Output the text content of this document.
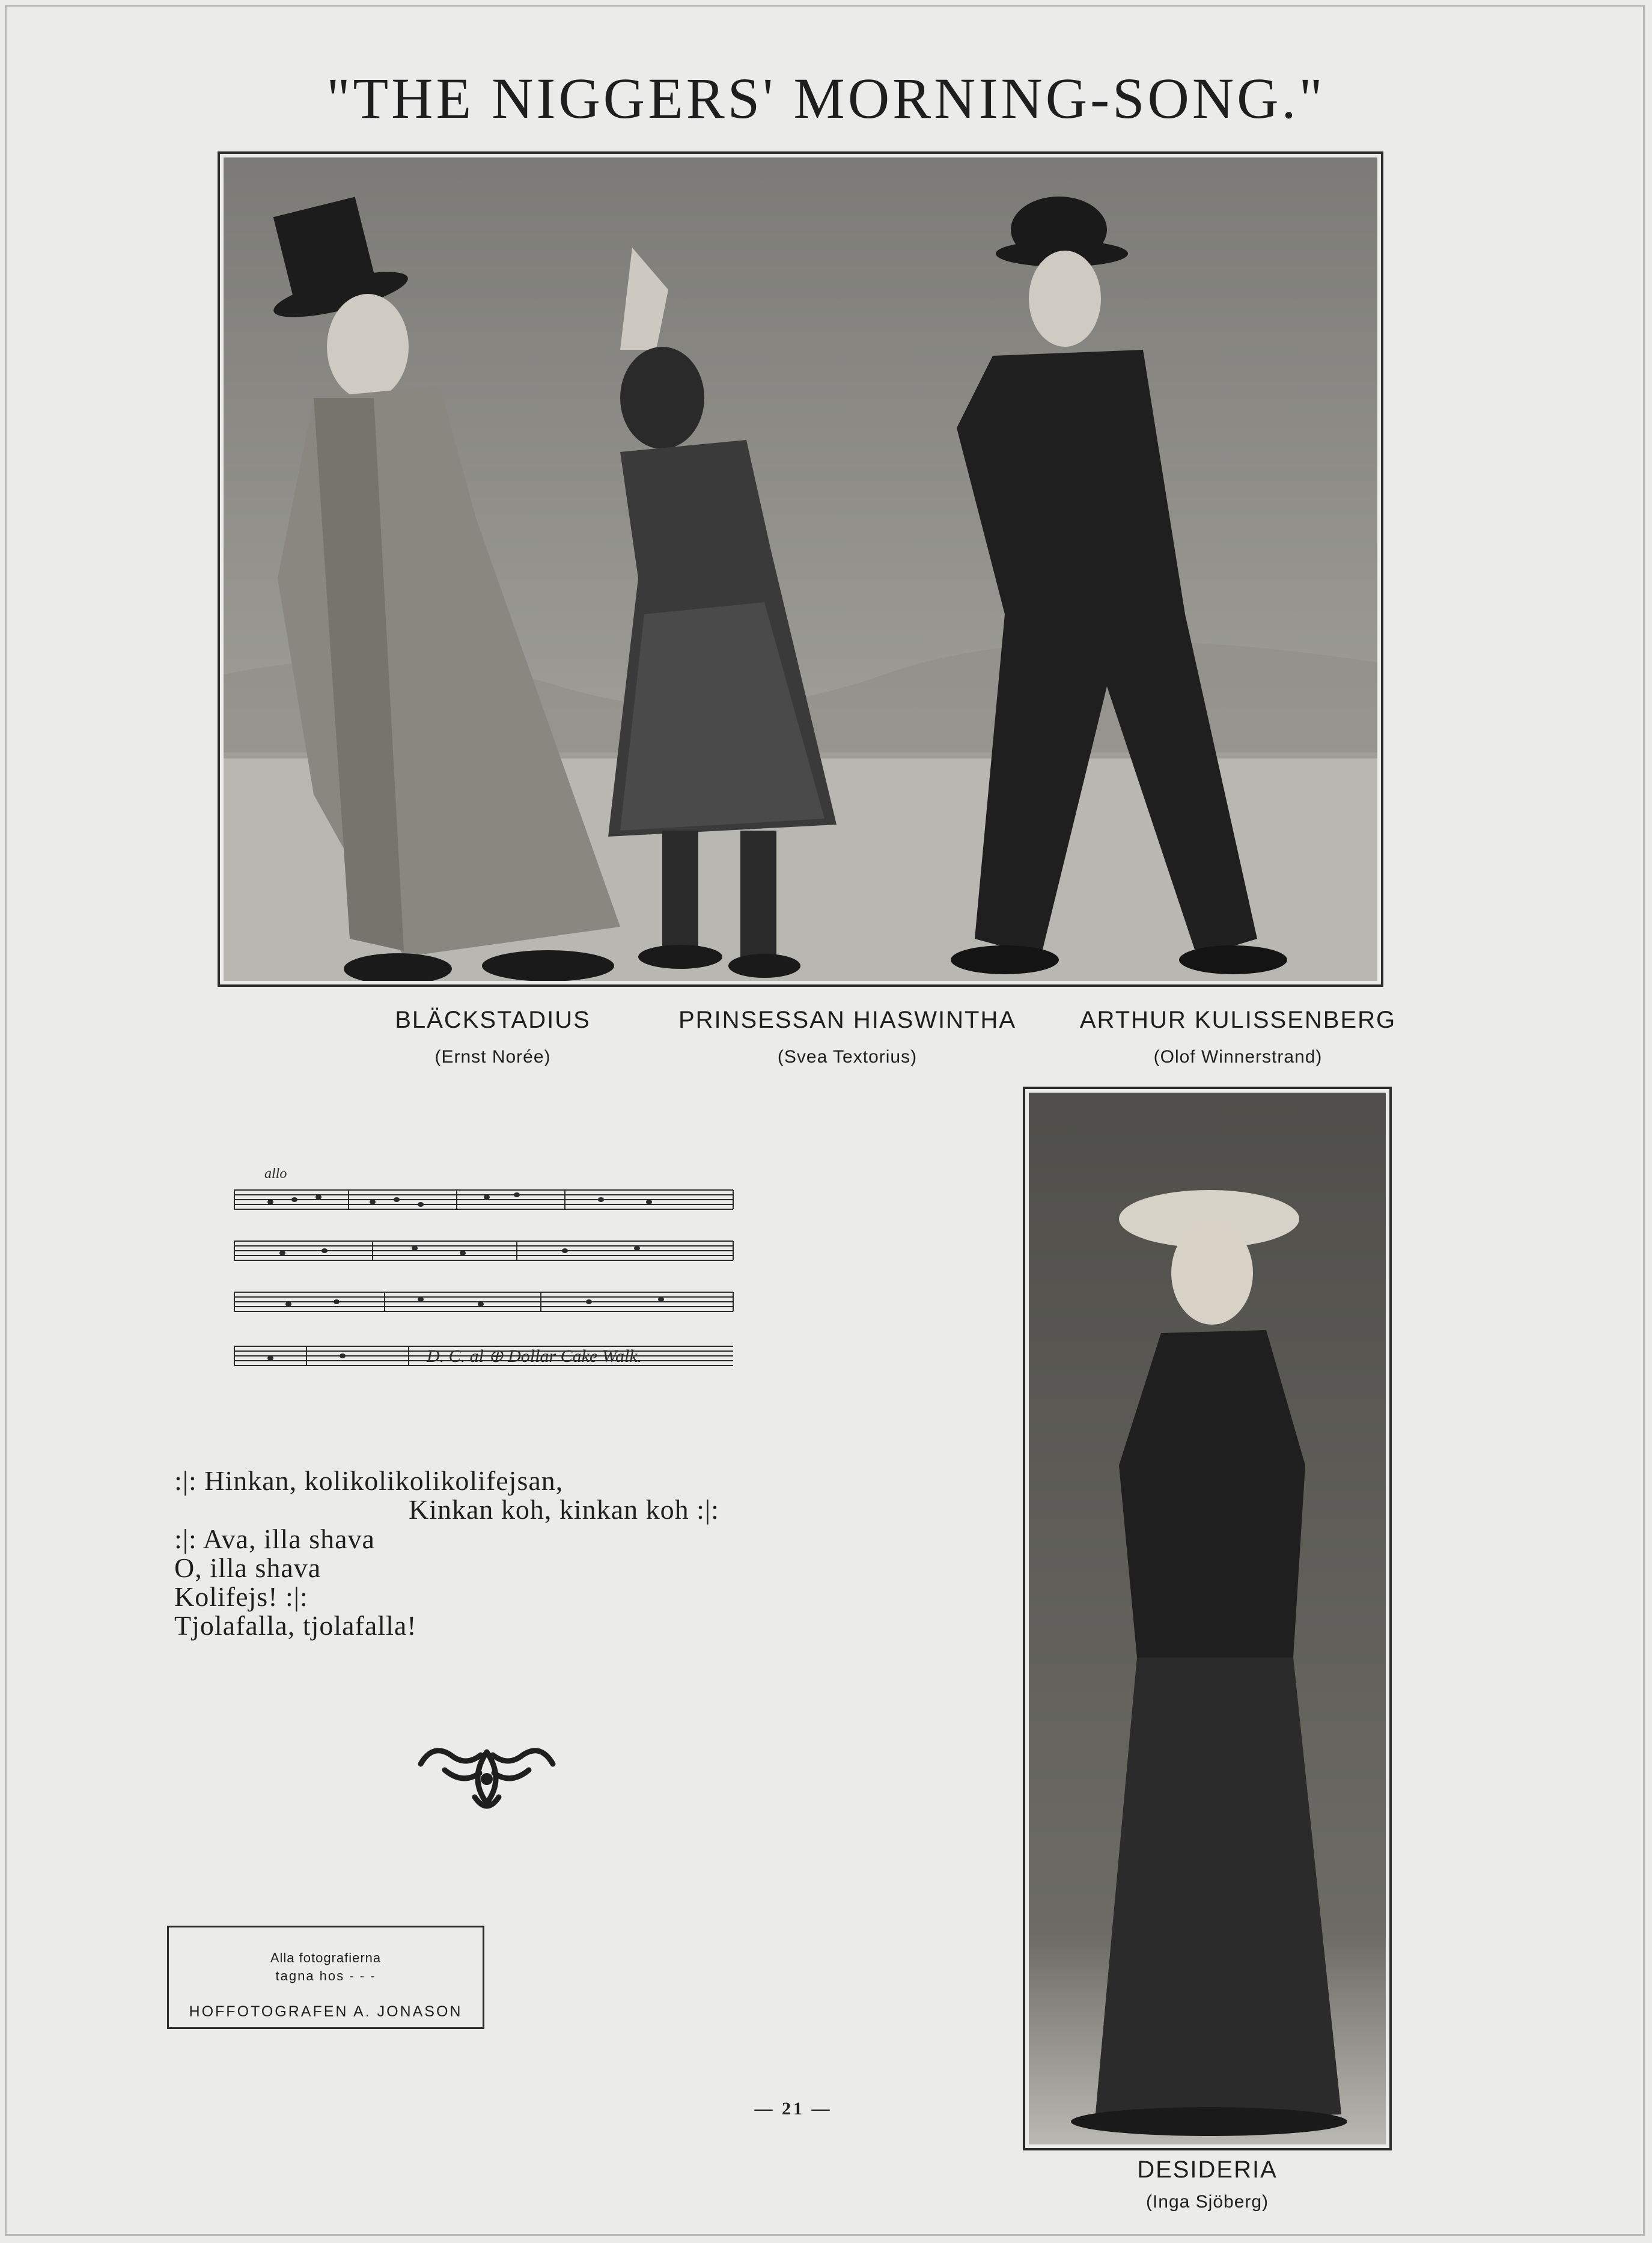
"THE NIGGERS' MORNING-SONG."
BLÄCKSTADIUS
(Ernst Norée)
PRINSESSAN HIASWINTHA
(Svea Textorius)
ARTHUR KULISSENBERG
(Olof Winnerstrand)
allo
D. C. al ⊕ Dollar Cake Walk.
:|: Hinkan, kolikolikolikolifejsan,
Kinkan koh, kinkan koh :|:
:|: Ava, illa shava
O, illa shava
Kolifejs! :|:
Tjolafalla, tjolafalla!
Alla fotografierna
tagna hos - - -
HOFFOTOGRAFEN A. JONASON
DESIDERIA
(Inga Sjöberg)
— 21 —
